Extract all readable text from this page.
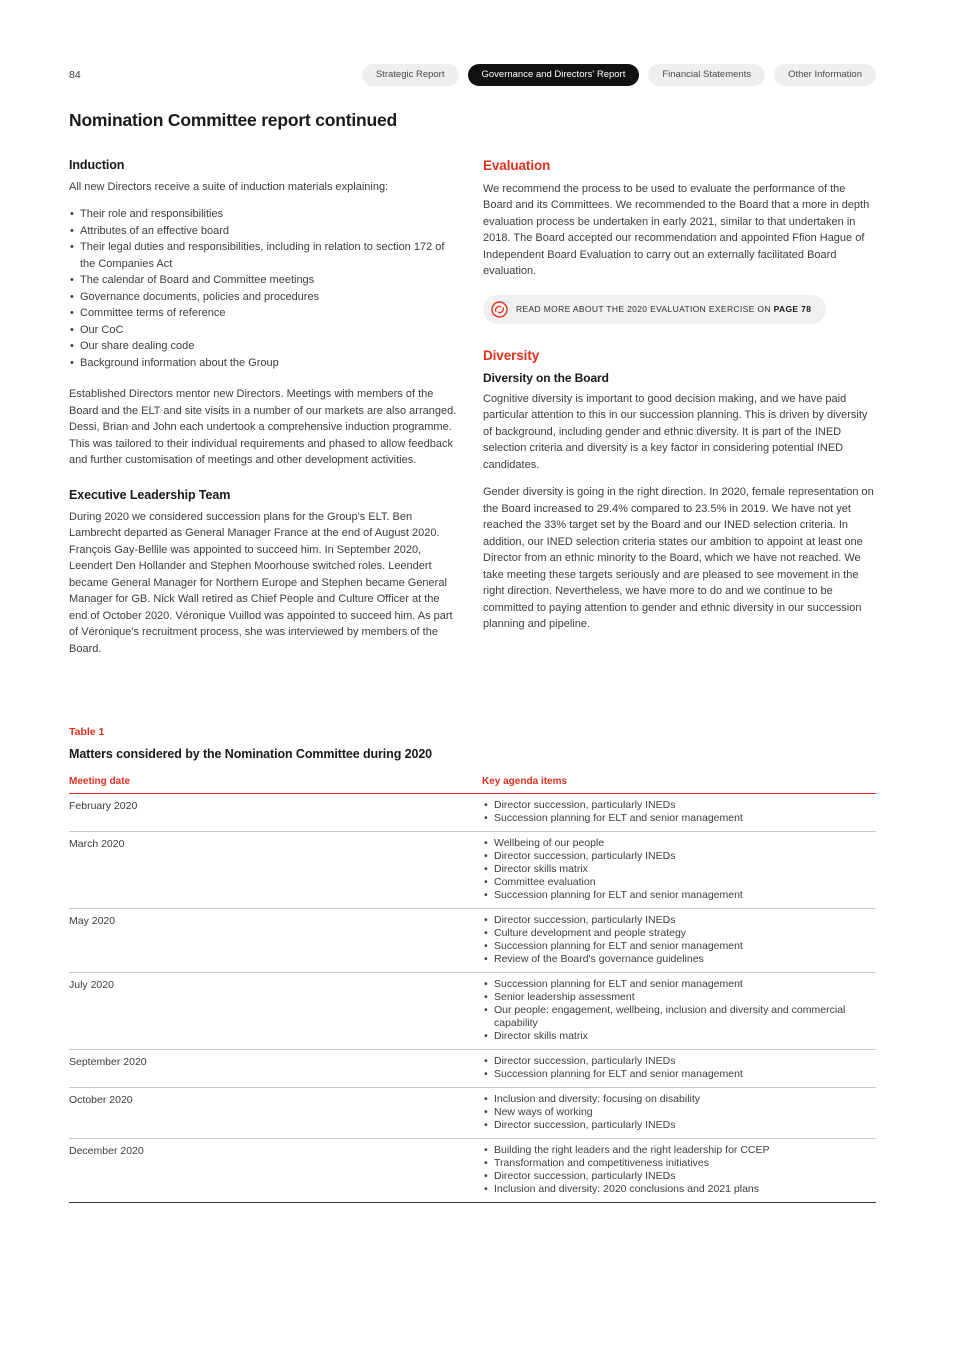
84	Strategic Report	Governance and Directors' Report	Financial Statements	Other Information
Nomination Committee report continued
Induction

All new Directors receive a suite of induction materials explaining:

• Their role and responsibilities
• Attributes of an effective board
• Their legal duties and responsibilities, including in relation to section 172 of the Companies Act
• The calendar of Board and Committee meetings
• Governance documents, policies and procedures
• Committee terms of reference
• Our CoC
• Our share dealing code
• Background information about the Group

Established Directors mentor new Directors. Meetings with members of the Board and the ELT and site visits in a number of our markets are also arranged. Dessi, Brian and John each undertook a comprehensive induction programme. This was tailored to their individual requirements and phased to allow feedback and further customisation of meetings and other development activities.

Executive Leadership Team

During 2020 we considered succession plans for the Group's ELT. Ben Lambrecht departed as General Manager France at the end of August 2020. François Gay-Bellile was appointed to succeed him. In September 2020, Leendert Den Hollander and Stephen Moorhouse switched roles. Leendert became General Manager for Northern Europe and Stephen became General Manager for GB. Nick Wall retired as Chief People and Culture Officer at the end of October 2020. Véronique Vuillod was appointed to succeed him. As part of Véronique's recruitment process, she was interviewed by members of the Board.

Evaluation

We recommend the process to be used to evaluate the performance of the Board and its Committees. We recommended to the Board that a more in depth evaluation process be undertaken in early 2021, similar to that undertaken in 2018. The Board accepted our recommendation and appointed Ffion Hague of Independent Board Evaluation to carry out an externally facilitated Board evaluation.

READ MORE ABOUT THE 2020 EVALUATION EXERCISE ON PAGE 78
Diversity
Diversity on the Board

Cognitive diversity is important to good decision making, and we have paid particular attention to this in our succession planning. This is driven by diversity of background, including gender and ethnic diversity. It is part of the INED selection criteria and diversity is a key factor in considering potential INED candidates.

Gender diversity is going in the right direction. In 2020, female representation on the Board increased to 29.4% compared to 23.5% in 2019. We have not yet reached the 33% target set by the Board and our INED selection criteria. In addition, our INED selection criteria states our ambition to appoint at least one Director from an ethnic minority to the Board, which we have not reached. We take meeting these targets seriously and are pleased to see movement in the right direction. Nevertheless, we have more to do and we continue to be committed to paying attention to gender and ethnic diversity in our succession planning and pipeline.

Table 1
Matters considered by the Nomination Committee during 2020
Meeting date	Key agenda items
February 2020	• Director succession, particularly INEDs
• Succession planning for ELT and senior management
March 2020	• Wellbeing of our people
• Director succession, particularly INEDs
• Director skills matrix
• Committee evaluation
• Succession planning for ELT and senior management
May 2020	• Director succession, particularly INEDs
• Culture development and people strategy
• Succession planning for ELT and senior management
• Review of the Board's governance guidelines
July 2020	• Succession planning for ELT and senior management
• Senior leadership assessment
• Our people: engagement, wellbeing, inclusion and diversity and commercial capability
• Director skills matrix
September 2020	• Director succession, particularly INEDs
• Succession planning for ELT and senior management
October 2020	• Inclusion and diversity: focusing on disability
• New ways of working
• Director succession, particularly INEDs
December 2020	• Building the right leaders and the right leadership for CCEP
• Transformation and competitiveness initiatives
• Director succession, particularly INEDs
• Inclusion and diversity: 2020 conclusions and 2021 plans
